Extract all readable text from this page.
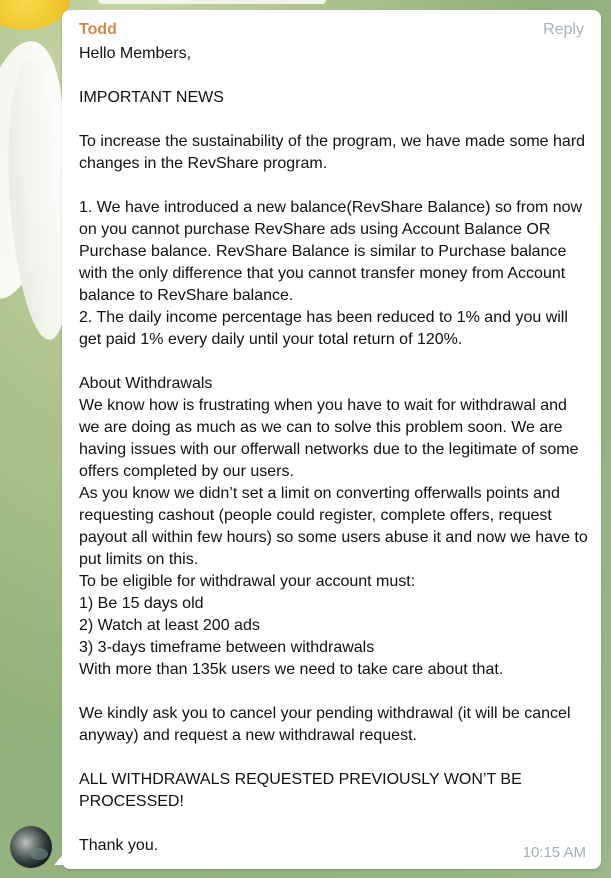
Todd	Reply
Hello Members,

IMPORTANT NEWS

To increase the sustainability of the program, we have made some hard changes in the RevShare program.

1. We have introduced a new balance(RevShare Balance) so from now on you cannot purchase RevShare ads using Account Balance OR Purchase balance. RevShare Balance is similar to Purchase balance with the only difference that you cannot transfer money from Account balance to RevShare balance.
2. The daily income percentage has been reduced to 1% and you will get paid 1% every daily until your total return of 120%.

About Withdrawals
We know how is frustrating when you have to wait for withdrawal and we are doing as much as we can to solve this problem soon. We are having issues with our offerwall networks due to the legitimate of some offers completed by our users.
As you know we didn’t set a limit on converting offerwalls points and requesting cashout (people could register, complete offers, request payout all within few hours) so some users abuse it and now we have to put limits on this.
To be eligible for withdrawal your account must:
1) Be 15 days old
2) Watch at least 200 ads
3) 3-days timeframe between withdrawals
With more than 135k users we need to take care about that.

We kindly ask you to cancel your pending withdrawal (it will be cancel anyway) and request a new withdrawal request.

ALL WITHDRAWALS REQUESTED PREVIOUSLY WON’T BE PROCESSED!

Thank you.	10:15 AM
